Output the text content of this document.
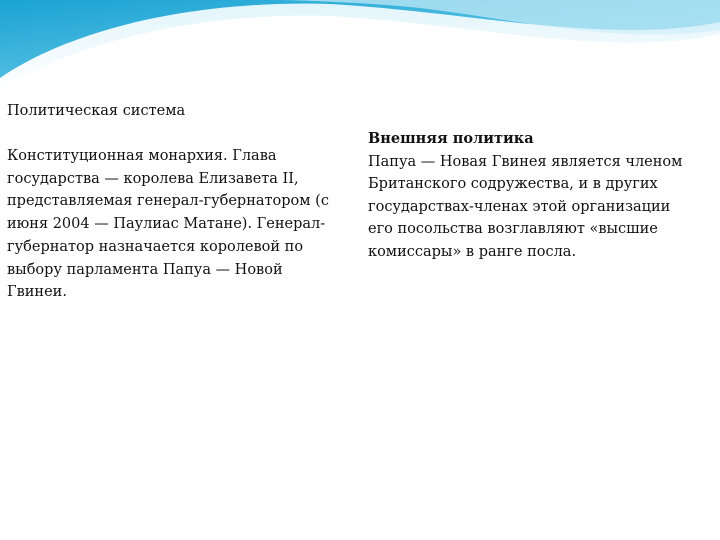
Политическая система
Конституционная монархия. Глава
государства — королева Елизавета II,
представляемая генерал-губернатором (с
июня 2004 — Паулиас Матане). Генерал-
губернатор назначается королевой по
выбору парламента Папуа — Новой
Гвинеи.
Внешняя политика
Папуа — Новая Гвинея является членом
Британского содружества, и в других
государствах-членах этой организации
его посольства возглавляют «высшие
комиссары» в ранге посла.
